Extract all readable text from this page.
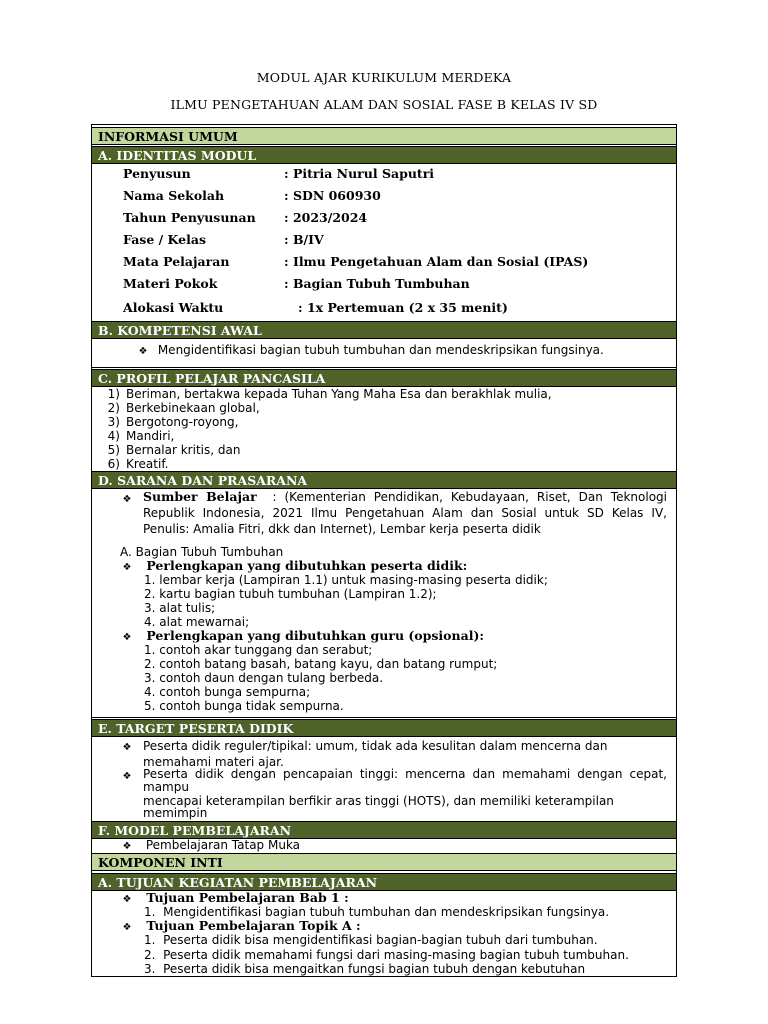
MODUL AJAR KURIKULUM MERDEKA
ILMU PENGETAHUAN ALAM DAN SOSIAL FASE B KELAS IV SD
INFORMASI UMUM
A. IDENTITAS MODUL
Penyusun	: Pitria Nurul Saputri
Nama Sekolah	: SDN 060930
Tahun Penyusunan : 2023/2024
Fase / Kelas	: B/IV
Mata Pelajaran	: Ilmu Pengetahuan Alam dan Sosial (IPAS)
Materi Pokok	: Bagian Tubuh Tumbuhan
Alokasi Waktu	: 1x Pertemuan (2 x 35 menit)
B. KOMPETENSI AWAL
❖ Mengidentifikasi bagian tubuh tumbuhan dan mendeskripsikan fungsinya.
C. PROFIL PELAJAR PANCASILA
1) Beriman, bertakwa kepada Tuhan Yang Maha Esa dan berakhlak mulia,
2) Berkebinekaan global,
3) Bergotong-royong,
4) Mandiri,
5) Bernalar kritis, dan
6) Kreatif.
D. SARANA DAN PRASARANA
❖ Sumber Belajar : (Kementerian Pendidikan, Kebudayaan, Riset, Dan Teknologi
Republik Indonesia, 2021 Ilmu Pengetahuan Alam dan Sosial untuk SD Kelas IV,
Penulis: Amalia Fitri, dkk dan Internet), Lembar kerja peserta didik
A. Bagian Tubuh Tumbuhan
❖ Perlengkapan yang dibutuhkan peserta didik:
1. lembar kerja (Lampiran 1.1) untuk masing-masing peserta didik;
2. kartu bagian tubuh tumbuhan (Lampiran 1.2);
3. alat tulis;
4. alat mewarnai;
❖ Perlengkapan yang dibutuhkan guru (opsional):
1. contoh akar tunggang dan serabut;
2. contoh batang basah, batang kayu, dan batang rumput;
3. contoh daun dengan tulang berbeda.
4. contoh bunga sempurna;
5. contoh bunga tidak sempurna.
E. TARGET PESERTA DIDIK
❖ Peserta didik reguler/tipikal: umum, tidak ada kesulitan dalam mencerna dan
memahami materi ajar.
❖ Peserta didik dengan pencapaian tinggi: mencerna dan memahami dengan cepat,
mampu
mencapai keterampilan berfikir aras tinggi (HOTS), dan memiliki keterampilan
memimpin
F. MODEL PEMBELAJARAN
❖ Pembelajaran Tatap Muka
KOMPONEN INTI
A. TUJUAN KEGIATAN PEMBELAJARAN
❖ Tujuan Pembelajaran Bab 1 :
1. Mengidentifikasi bagian tubuh tumbuhan dan mendeskripsikan fungsinya.
❖ Tujuan Pembelajaran Topik A :
1. Peserta didik bisa mengidentifikasi bagian-bagian tubuh dari tumbuhan.
2. Peserta didik memahami fungsi dari masing-masing bagian tubuh tumbuhan.
3. Peserta didik bisa mengaitkan fungsi bagian tubuh dengan kebutuhan
